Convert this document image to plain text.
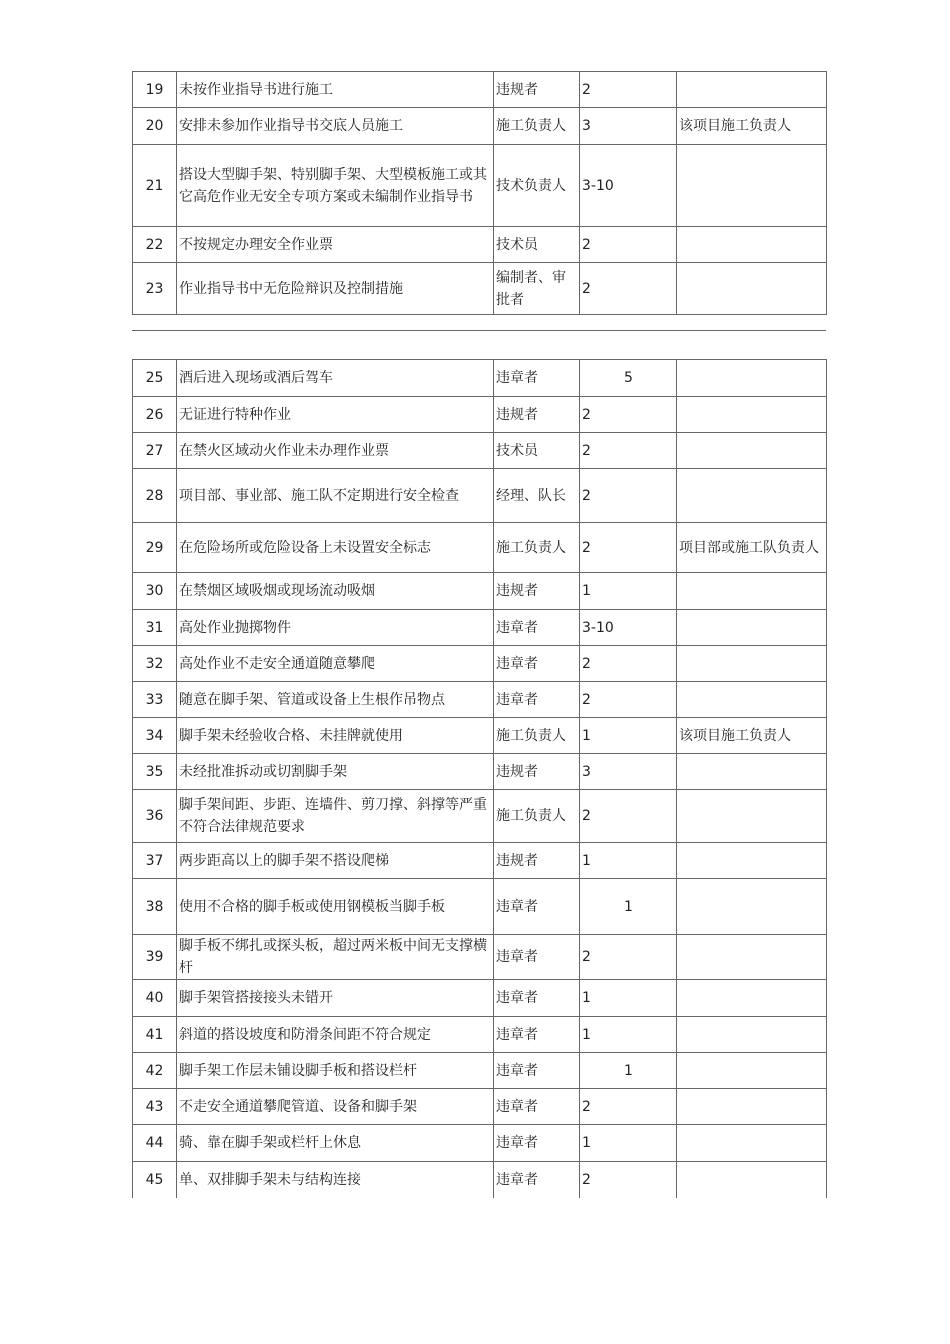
19	未按作业指导书进行施工	违规者	2	
20	安排未参加作业指导书交底人员施工	施工负责人	3	该项目施工负责人
21	搭设大型脚手架、特别脚手架、大型模板施工或其它高危作业无安全专项方案或未编制作业指导书	技术负责人	3-10	
22	不按规定办理安全作业票	技术员	2	
23	作业指导书中无危险辩识及控制措施	编制者、审批者	2	
25	酒后进入现场或酒后驾车	违章者	5	
26	无证进行特种作业	违规者	2	
27	在禁火区域动火作业未办理作业票	技术员	2	
28	项目部、事业部、施工队不定期进行安全检查	经理、队长	2	
29	在危险场所或危险设备上未设置安全标志	施工负责人	2	项目部或施工队负责人
30	在禁烟区域吸烟或现场流动吸烟	违规者	1	
31	高处作业抛掷物件	违章者	3-10	
32	高处作业不走安全通道随意攀爬	违章者	2	
33	随意在脚手架、管道或设备上生根作吊物点	违章者	2	
34	脚手架未经验收合格、未挂牌就使用	施工负责人	1	该项目施工负责人
35	未经批准拆动或切割脚手架	违规者	3	
36	脚手架间距、步距、连墙件、剪刀撑、斜撑等严重不符合法律规范要求	施工负责人	2	
37	两步距高以上的脚手架不搭设爬梯	违规者	1	
38	使用不合格的脚手板或使用钢模板当脚手板	违章者	1	
39	脚手板不绑扎或探头板，超过两米板中间无支撑横杆	违章者	2	
40	脚手架管搭接接头未错开	违章者	1	
41	斜道的搭设坡度和防滑条间距不符合规定	违章者	1	
42	脚手架工作层未铺设脚手板和搭设栏杆	违章者	1	
43	不走安全通道攀爬管道、设备和脚手架	违章者	2	
44	骑、靠在脚手架或栏杆上休息	违章者	1	
45	单、双排脚手架未与结构连接	违章者	2	
